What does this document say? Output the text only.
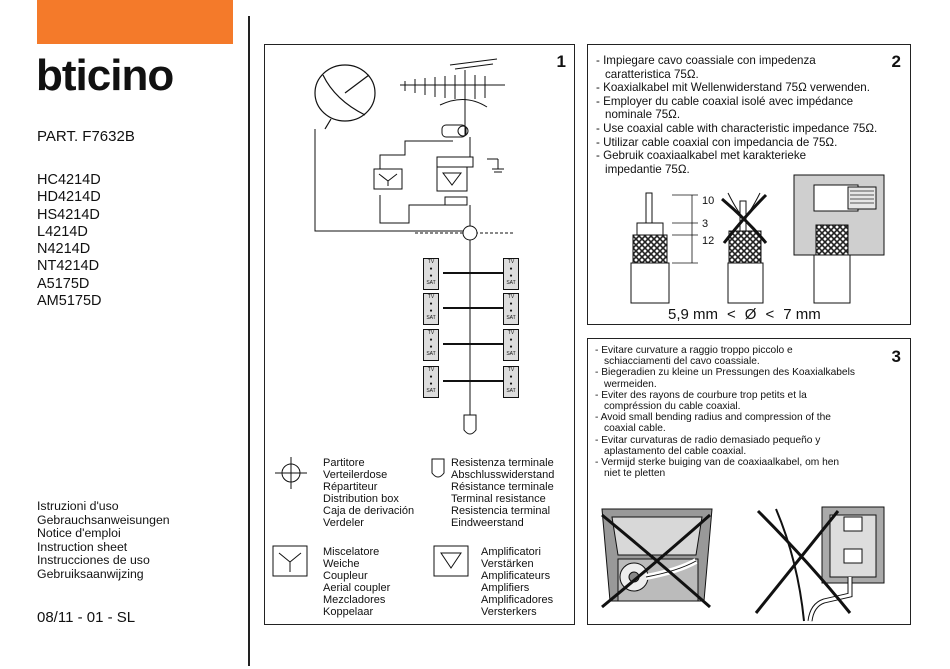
bticino
PART. F7632B
HC4214D
HD4214D
HS4214D
L4214D
N4214D
NT4214D
A5175D
AM5175D
Istruzioni d'uso
Gebrauchsanweisungen
Notice d'emploi
Instruction sheet
Instrucciones de uso
Gebruiksaanwijzing
08/11 - 01 - SL
1
TV
●
●
SAT
TV
●
●
SAT
TV
●
●
SAT
TV
●
●
SAT
TV
●
●
SAT
TV
●
●
SAT
TV
●
●
SAT
TV
●
●
SAT
Partitore
Verteilerdose
Répartiteur
Distribution box
Caja de derivación
Verdeler
Resistenza terminale
Abschlusswiderstand
Résistance terminale
Terminal resistance
Resistencia terminal
Eindweerstand
Miscelatore
Weiche
Coupleur
Aerial coupler
Mezcladores
Koppelaar
Amplificatori
Verstärken
Amplificateurs
Amplifiers
Amplificadores
Versterkers
2
- Impiegare cavo coassiale con impedenza
caratteristica 75Ω.
- Koaxialkabel mit Wellenwiderstand 75Ω verwenden.
- Employer du cable coaxial isolé avec impédance
nominale 75Ω.
- Use coaxial cable with characteristic impedance 75Ω.
- Utilizar cable coaxial con impedancia de 75Ω.
- Gebruik coaxiaalkabel met karakterieke
impedantie 75Ω.
10
3
12
5,9 mm < Ø < 7 mm
3
- Evitare curvature a raggio troppo piccolo e
schiacciamenti del cavo coassiale.
- Biegeradien zu kleine un Pressungen des Koaxialkabels
wermeiden.
- Eviter des rayons de courbure trop petits et la
compréssion du cable coaxial.
- Avoid small bending radius and compression of the
coaxial cable.
- Evitar curvaturas de radio demasiado pequeño y
aplastamento del cable coaxial.
- Vermijd sterke buiging van de coaxiaalkabel, om hen
niet te pletten
